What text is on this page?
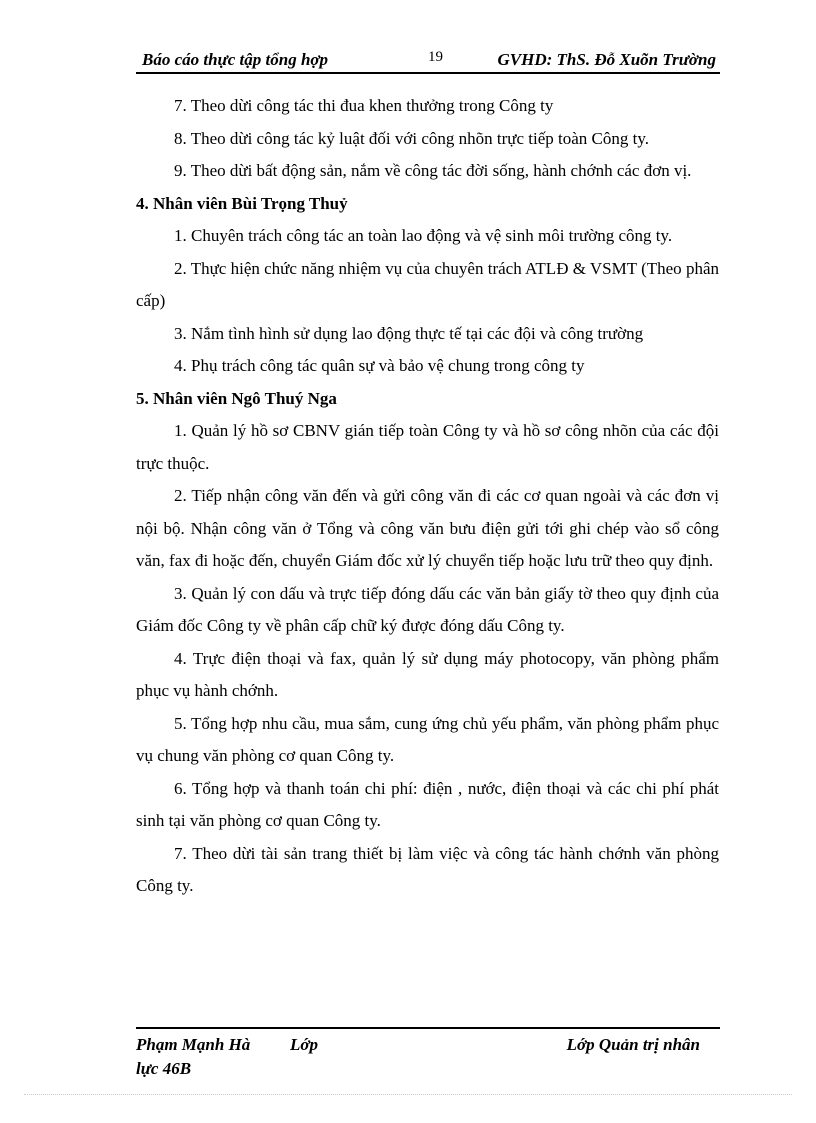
Báo cáo thực tập tổng hợp	19	GVHD: ThS. Đỗ Xuõn Trường

7. Theo dừi công tác thi đua khen thưởng trong Công ty

8. Theo dừi công tác kỷ luật đối với công nhõn trực tiếp toàn Công ty.

9. Theo dừi bất động sản, nắm về công tác đời sống, hành chớnh các đơn vị.

4. Nhân viên Bùi Trọng Thuỷ

1. Chuyên trách công tác an toàn lao động và vệ sinh môi trường công ty.

2. Thực hiện chức năng nhiệm vụ của chuyên trách ATLĐ & VSMT (Theo phân cấp)

3. Nắm tình hình sử dụng lao động thực tế tại các đội và công trường

4. Phụ trách công tác quân sự và bảo vệ chung trong công ty

5. Nhân viên Ngô Thuý Nga

1. Quản lý hồ sơ CBNV gián tiếp toàn Công ty và hồ sơ công nhõn của các đội trực thuộc.

2. Tiếp nhận công văn đến và gửi công văn đi các cơ quan ngoài và các đơn vị nội bộ. Nhận công văn ở Tổng và công văn bưu điện gửi tới ghi chép vào sổ công văn, fax đi hoặc đến, chuyển Giám đốc xử lý chuyển tiếp hoặc lưu trữ theo quy định.

3. Quản lý con dấu và trực tiếp đóng dấu các văn bản giấy tờ theo quy định của Giám đốc Công ty về phân cấp chữ ký được đóng dấu Công ty.

4. Trực điện thoại và fax, quản lý sử dụng máy photocopy, văn phòng phẩm phục vụ hành chớnh.

5. Tổng hợp nhu cầu, mua sắm, cung ứng chủ yếu phẩm, văn phòng phẩm phục vụ chung văn phòng cơ quan Công ty.

6. Tổng hợp và thanh toán chi phí: điện , nước, điện thoại và các chi phí phát sinh tại văn phòng cơ quan Công ty.

7. Theo dừi tài sản trang thiết bị làm việc và công tác hành chớnh văn phòng Công ty.

Phạm Mạnh Hà Lớp	Lớp Quản trị nhân
lực 46B
